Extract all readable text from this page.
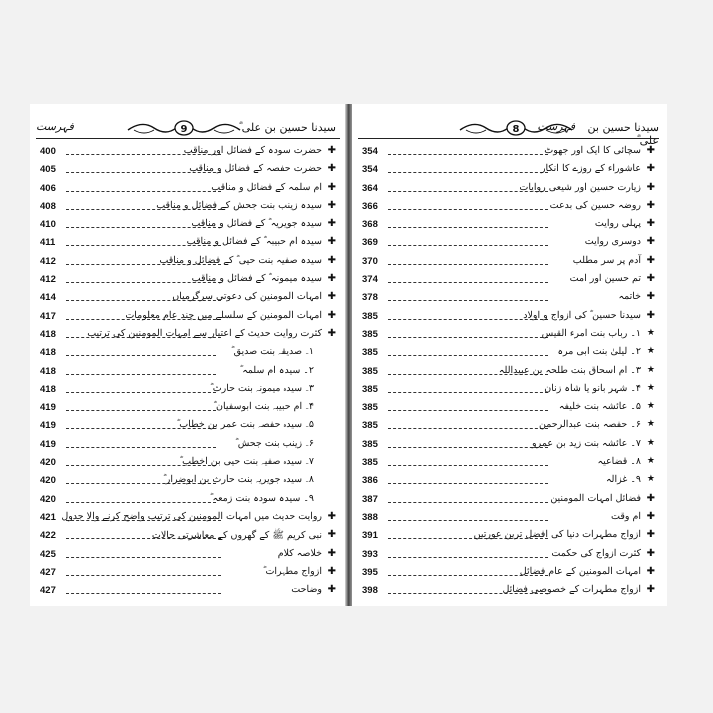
فہرست	9	سیدنا حسین بن علی ؓ
400	حضرت سودہ کے فضائل اور مناقب ✚
405	حضرت حفصہ کے فضائل و مناقب ✚
406	ام سلمہ کے فضائل و مناقب ✚
408	سیدہ زینب بنت جحش کے فضائل و مناقب ✚
410	سیدہ جویریہ ؓ کے فضائل و مناقب ✚
411	سیدہ ام حبیبہ ؓ کے فضائل و مناقب ✚
412	سیدہ صفیہ بنت حیی ؓ کے فضائل و مناقب ✚
412	سیدہ میمونہ ؓ کے فضائل و مناقب ✚
414	امہات المومنین کی دعوتی سرگرمیاں ✚
417	امہات المومنین کے سلسلے میں چند عام معلومات ✚
418	کثرت روایت حدیث کے اعتبار سے امہات المومنین کی ترتیب ✚
418	۱۔ صدیقہ بنت صدیق ؓ
418	۲۔ سیدہ ام سلمہ ؓ
418	۳۔ سیدہ میمونہ بنت حارث ؓ
419	۴۔ ام حبیبہ بنت ابوسفیان ؓ
419	۵۔ سیدہ حفصہ بنت عمر بن خطاب ؓ
419	۶۔ زینب بنت جحش ؓ
420	۷۔ سیدہ صفیہ بنت حیی بن اخطب ؓ
420	۸۔ سیدہ جویریہ بنت حارث بن ابوضرار ؓ
420	۹۔ سیدہ سودہ بنت زمعہ ؓ
421 روایت حدیث میں امہات المومنین کی ترتیب واضح کرنے والا جدول ✚
422	نبی کریم ﷺ کے گھروں کے معاشرتی حالات ✚
425	خلاصہ کلام ✚
427	ازواج مطہرات ؓ ✚
427	وضاحت ✚
فہرست
8	سیدنا حسین بن علی ؓ
354	سچائی کا ایک اور جھوٹ ✚
354	عاشوراء کے روزے کا انکار ✚
364	زیارت حسین اور شیعی روایات ✚
366	روضہ حسین کی بدعت ✚
368	پہلی روایت ✚
369	دوسری روایت ✚
370	آدم پر سر مطلب ✚
374	تم حسین اور امت ✚
378	خاتمہ ✚
385	سیدنا حسین ؓ کی ازواج و اولاد ✚
385	۱۔ رباب بنت امرء القیس ★
385	۲۔ لیلیٰ بنت ابی مرہ ★
385	۳۔ ام اسحاق بنت طلحہ بن عبیداللہ ★
385	۴۔ شہر بانو یا شاہ زنان ★
385	۵۔ عائشہ بنت خلیفہ ★
385	۶۔ حفصہ بنت عبدالرحمن ★
385	۷۔ عائشہ بنت زید بن عمرو ★
385	۸۔ قضاعیہ ★
386	۹۔ غزالہ ★
387	فضائل امہات المومنین ✚
388	ام وقت ✚
391	ازواج مطہرات دنیا کی افضل ترین عورتیں ✚
393	کثرت ازواج کی حکمت ✚
395	امہات المومنین کے عام فضائل ✚
398	ازواج مطہرات کے خصوصی فضائل ✚
